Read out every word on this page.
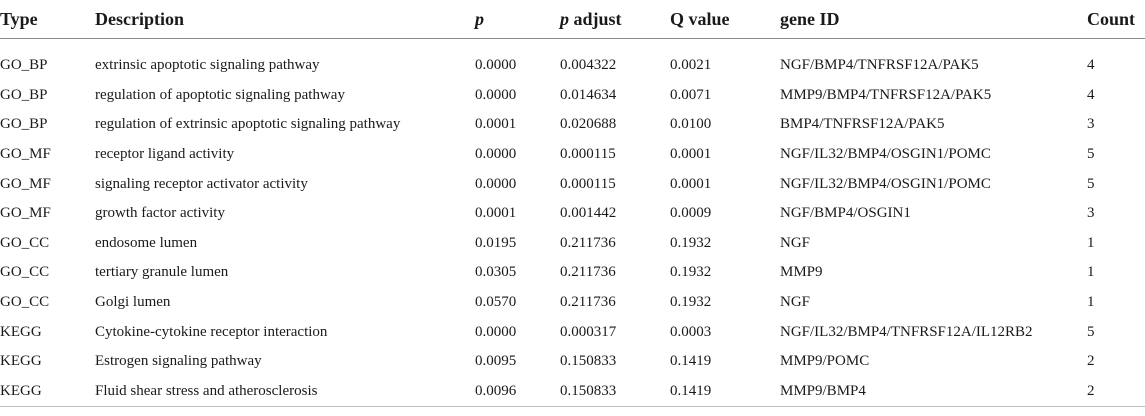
Type	Description	p	p adjust	Q value	gene ID	Count
GO_BP	extrinsic apoptotic signaling pathway	0.0000	0.004322	0.0021	NGF/BMP4/TNFRSF12A/PAK5	4
GO_BP	regulation of apoptotic signaling pathway	0.0000	0.014634	0.0071	MMP9/BMP4/TNFRSF12A/PAK5	4
GO_BP	regulation of extrinsic apoptotic signaling pathway	0.0001	0.020688	0.0100	BMP4/TNFRSF12A/PAK5	3
GO_MF	receptor ligand activity	0.0000	0.000115	0.0001	NGF/IL32/BMP4/OSGIN1/POMC	5
GO_MF	signaling receptor activator activity	0.0000	0.000115	0.0001	NGF/IL32/BMP4/OSGIN1/POMC	5
GO_MF	growth factor activity	0.0001	0.001442	0.0009	NGF/BMP4/OSGIN1	3
GO_CC	endosome lumen	0.0195	0.211736	0.1932	NGF	1
GO_CC	tertiary granule lumen	0.0305	0.211736	0.1932	MMP9	1
GO_CC	Golgi lumen	0.0570	0.211736	0.1932	NGF	1
KEGG	Cytokine-cytokine receptor interaction	0.0000	0.000317	0.0003	NGF/IL32/BMP4/TNFRSF12A/IL12RB2	5
KEGG	Estrogen signaling pathway	0.0095	0.150833	0.1419	MMP9/POMC	2
KEGG	Fluid shear stress and atherosclerosis	0.0096	0.150833	0.1419	MMP9/BMP4	2
